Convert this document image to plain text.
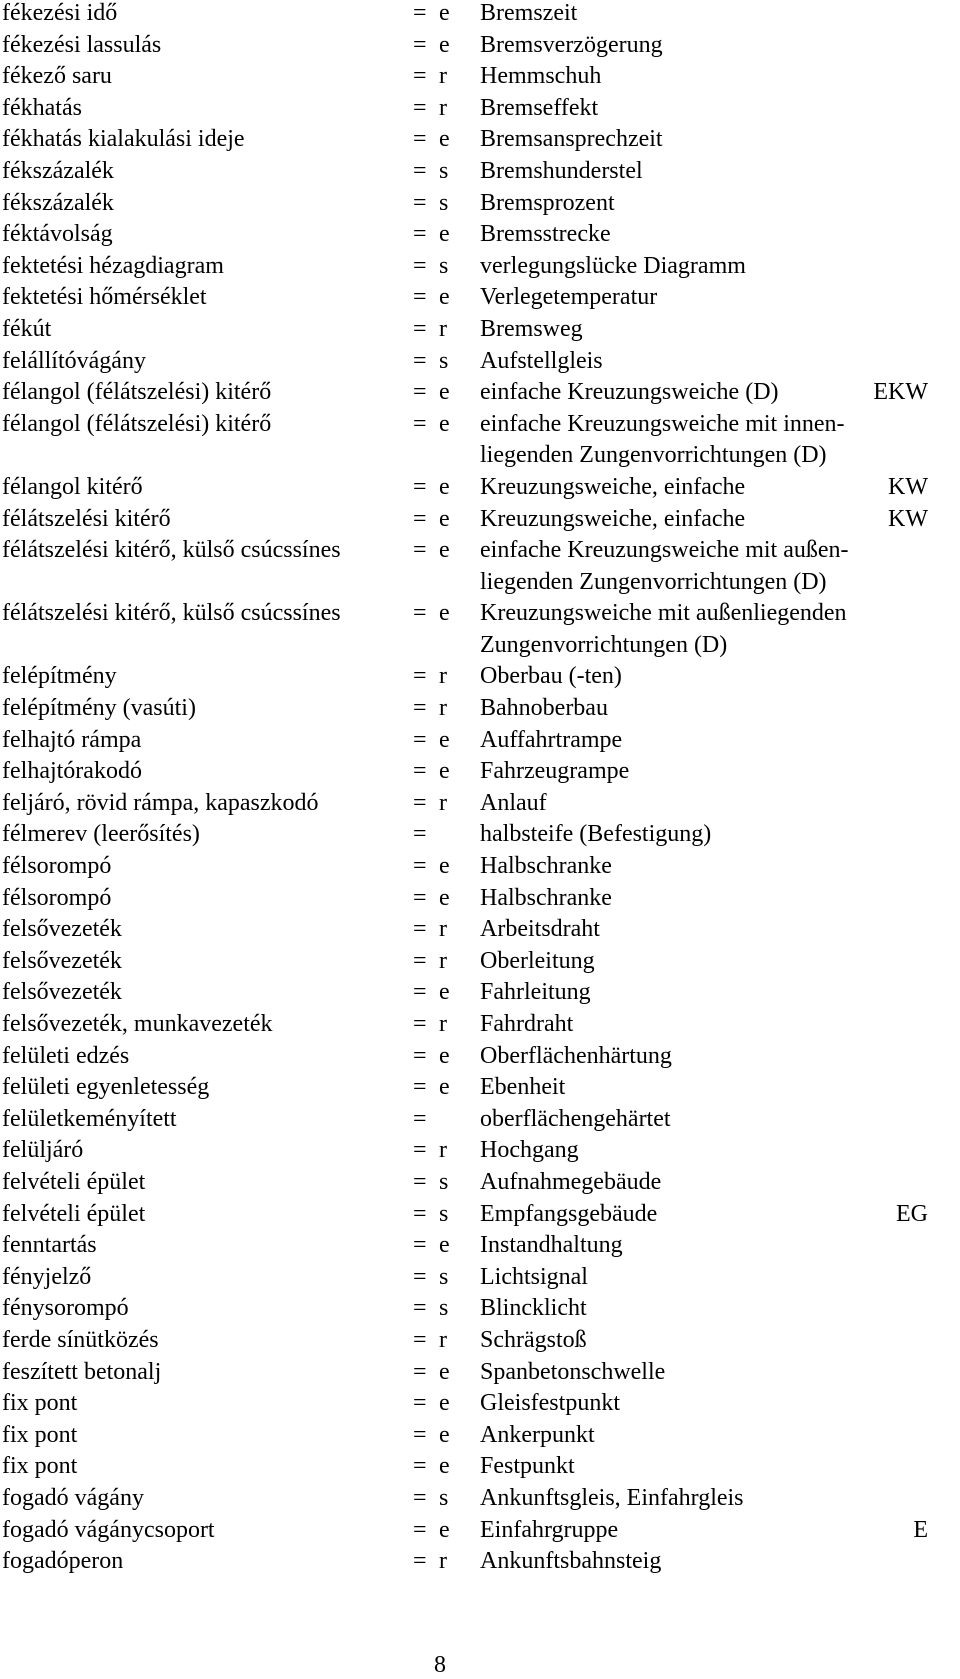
fékezési idő	= e Bremszeit
fékezési lassulás	= e Bremsverzögerung
fékező saru	= r Hemmschuh
fékhatás	= r Bremseffekt
fékhatás kialakulási ideje	= e Bremsansprechzeit
fékszázalék	= s Bremshunderstel
fékszázalék	= s Bremsprozent
féktávolság	= e Bremsstrecke
fektetési hézagdiagram	= s verlegungslücke Diagramm
fektetési hőmérséklet	= e Verlegetemperatur
fékút	= r Bremsweg
felállítóvágány	= s Aufstellgleis
félangol (félátszelési) kitérő	= e einfache Kreuzungsweiche (D)	EKW
félangol (félátszelési) kitérő	= e einfache Kreuzungsweiche mit innen-
liegenden Zungenvorrichtungen (D)
félangol kitérő	= e Kreuzungsweiche, einfache	KW
félátszelési kitérő	= e Kreuzungsweiche, einfache	KW
félátszelési kitérő, külső csúcssínes	= e einfache Kreuzungsweiche mit außen-
liegenden Zungenvorrichtungen (D)
félátszelési kitérő, külső csúcssínes	= e Kreuzungsweiche mit außenliegenden
Zungenvorrichtungen (D)
felépítmény	= r Oberbau (-ten)
felépítmény (vasúti)	= r Bahnoberbau
felhajtó rámpa	= e Auffahrtrampe
felhajtórakodó	= e Fahrzeugrampe
feljáró, rövid rámpa, kapaszkodó	= r Anlauf
félmerev (leerősítés)	= halbsteife (Befestigung)
félsorompó	= e Halbschranke
félsorompó	= e Halbschranke
felsővezeték	= r Arbeitsdraht
felsővezeték	= r Oberleitung
felsővezeték	= e Fahrleitung
felsővezeték, munkavezeték	= r Fahrdraht
felületi edzés	= e Oberflächenhärtung
felületi egyenletesség	= e Ebenheit
felületkeményített	= oberflächengehärtet
felüljáró	= r Hochgang
felvételi épület	= s Aufnahmegebäude
felvételi épület	= s Empfangsgebäude	EG
fenntartás	= e Instandhaltung
fényjelző	= s Lichtsignal
fénysorompó	= s Blincklicht
ferde sínütközés	= r Schrägstoß
feszített betonalj	= e Spanbetonschwelle
fix pont	= e Gleisfestpunkt
fix pont	= e Ankerpunkt
fix pont	= e Festpunkt
fogadó vágány	= s Ankunftsgleis, Einfahrgleis
fogadó vágánycsoport	= e Einfahrgruppe	E
fogadóperon	= r Ankunftsbahnsteig
8
